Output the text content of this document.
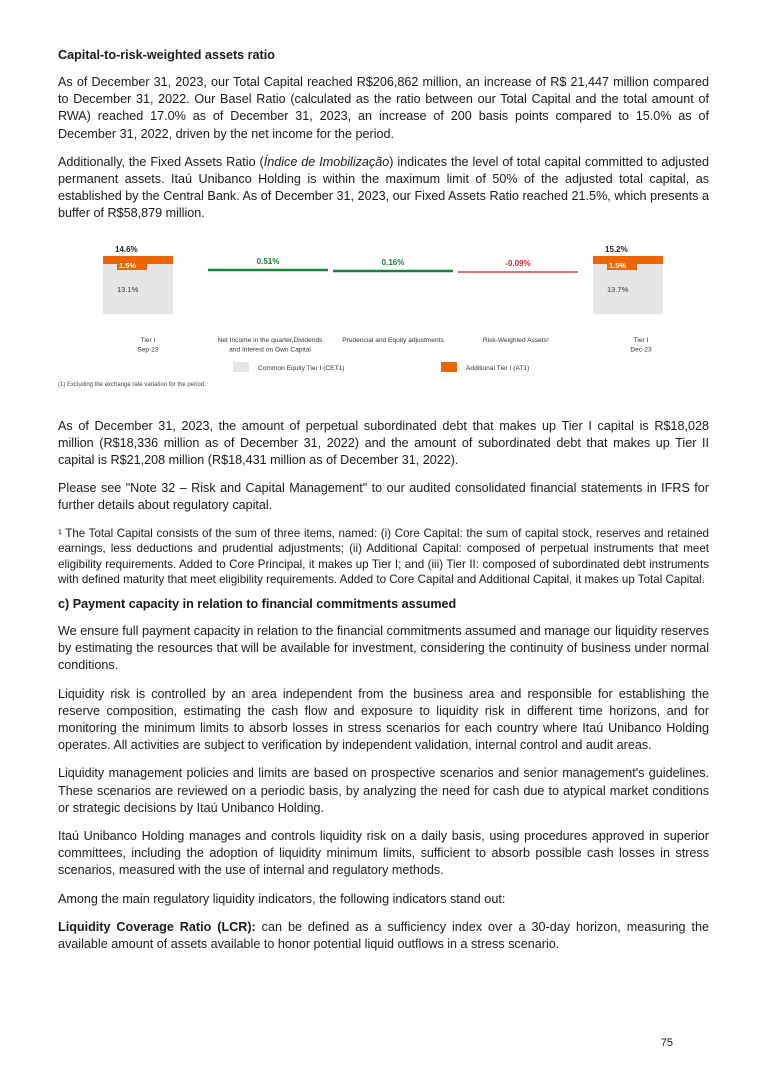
Capital-to-risk-weighted assets ratio

As of December 31, 2023, our Total Capital reached R$206,862 million, an increase of R$ 21,447 million compared to December 31, 2022. Our Basel Ratio (calculated as the ratio between our Total Capital and the total amount of RWA) reached 17.0% as of December 31, 2023, an increase of 200 basis points compared to 15.0% as of December 31, 2022, driven by the net income for the period.

Additionally, the Fixed Assets Ratio (Índice de Imobilização) indicates the level of total capital committed to adjusted permanent assets. Itaú Unibanco Holding is within the maximum limit of 50% of the adjusted total capital, as established by the Central Bank. As of December 31, 2023, our Fixed Assets Ratio reached 21.5%, which presents a buffer of R$58,879 million.

1.5%
13.1%
14.6%
1.5%
13.7%
15.2%
0.51%	0.16%	-0.09%
Tier I
Sep-23
Net Income in the quarter,Dividends
and Interest on Own Capital
Prudencial and Equity adjustments	Risk-Weighted Assets¹	Tier I
Dec-23
Common Equity Tier I (CET1)	Additional Tier I (AT1)
(1) Excluding the exchange rate variation for the period.

As of December 31, 2023, the amount of perpetual subordinated debt that makes up Tier I capital is R$18,028 million (R$18,336 million as of December 31, 2022) and the amount of subordinated debt that makes up Tier II capital is R$21,208 million (R$18,431 million as of December 31, 2022).

Please see "Note 32 – Risk and Capital Management" to our audited consolidated financial statements in IFRS for further details about regulatory capital.

¹ The Total Capital consists of the sum of three items, named: (i) Core Capital: the sum of capital stock, reserves and retained earnings, less deductions and prudential adjustments; (ii) Additional Capital: composed of perpetual instruments that meet eligibility requirements. Added to Core Principal, it makes up Tier I; and (iii) Tier II: composed of subordinated debt instruments with defined maturity that meet eligibility requirements. Added to Core Capital and Additional Capital, it makes up Total Capital.

c) Payment capacity in relation to financial commitments assumed

We ensure full payment capacity in relation to the financial commitments assumed and manage our liquidity reserves by estimating the resources that will be available for investment, considering the continuity of business under normal conditions.

Liquidity risk is controlled by an area independent from the business area and responsible for establishing the reserve composition, estimating the cash flow and exposure to liquidity risk in different time horizons, and for monitoring the minimum limits to absorb losses in stress scenarios for each country where Itaú Unibanco Holding operates. All activities are subject to verification by independent validation, internal control and audit areas.

Liquidity management policies and limits are based on prospective scenarios and senior management's guidelines. These scenarios are reviewed on a periodic basis, by analyzing the need for cash due to atypical market conditions or strategic decisions by Itaú Unibanco Holding.

Itaú Unibanco Holding manages and controls liquidity risk on a daily basis, using procedures approved in superior committees, including the adoption of liquidity minimum limits, sufficient to absorb possible cash losses in stress scenarios, measured with the use of internal and regulatory methods.

Among the main regulatory liquidity indicators, the following indicators stand out:

Liquidity Coverage Ratio (LCR): can be defined as a sufficiency index over a 30-day horizon, measuring the available amount of assets available to honor potential liquid outflows in a stress scenario.

75
